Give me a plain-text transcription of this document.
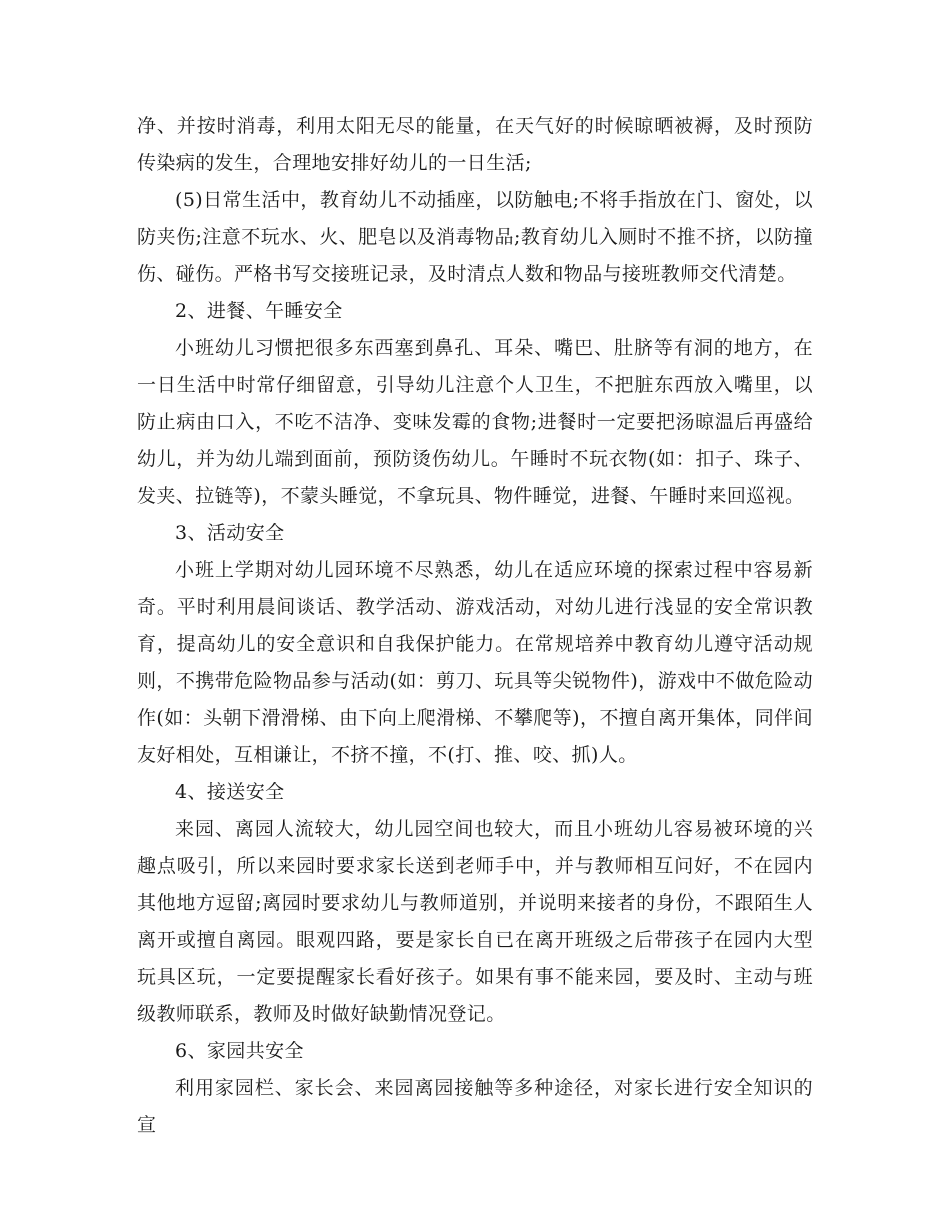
净、并按时消毒，利用太阳无尽的能量，在天气好的时候晾晒被褥，及时预防传染病的发生，合理地安排好幼儿的一日生活;

(5)日常生活中，教育幼儿不动插座，以防触电;不将手指放在门、窗处，以防夹伤;注意不玩水、火、肥皂以及消毒物品;教育幼儿入厕时不推不挤，以防撞伤、碰伤。严格书写交接班记录，及时清点人数和物品与接班教师交代清楚。

2、进餐、午睡安全

小班幼儿习惯把很多东西塞到鼻孔、耳朵、嘴巴、肚脐等有洞的地方，在一日生活中时常仔细留意，引导幼儿注意个人卫生，不把脏东西放入嘴里，以防止病由口入，不吃不洁净、变味发霉的食物;进餐时一定要把汤晾温后再盛给幼儿，并为幼儿端到面前，预防烫伤幼儿。午睡时不玩衣物(如：扣子、珠子、发夹、拉链等)，不蒙头睡觉，不拿玩具、物件睡觉，进餐、午睡时来回巡视。

3、活动安全

小班上学期对幼儿园环境不尽熟悉，幼儿在适应环境的探索过程中容易新奇。平时利用晨间谈话、教学活动、游戏活动，对幼儿进行浅显的安全常识教育，提高幼儿的安全意识和自我保护能力。在常规培养中教育幼儿遵守活动规则，不携带危险物品参与活动(如：剪刀、玩具等尖锐物件)，游戏中不做危险动作(如：头朝下滑滑梯、由下向上爬滑梯、不攀爬等)，不擅自离开集体，同伴间友好相处，互相谦让，不挤不撞，不(打、推、咬、抓)人。

4、接送安全

来园、离园人流较大，幼儿园空间也较大，而且小班幼儿容易被环境的兴趣点吸引，所以来园时要求家长送到老师手中，并与教师相互问好，不在园内其他地方逗留;离园时要求幼儿与教师道别，并说明来接者的身份，不跟陌生人离开或擅自离园。眼观四路，要是家长自已在离开班级之后带孩子在园内大型玩具区玩，一定要提醒家长看好孩子。如果有事不能来园，要及时、主动与班级教师联系，教师及时做好缺勤情况登记。

6、家园共安全

利用家园栏、家长会、来园离园接触等多种途径，对家长进行安全知识的宣
